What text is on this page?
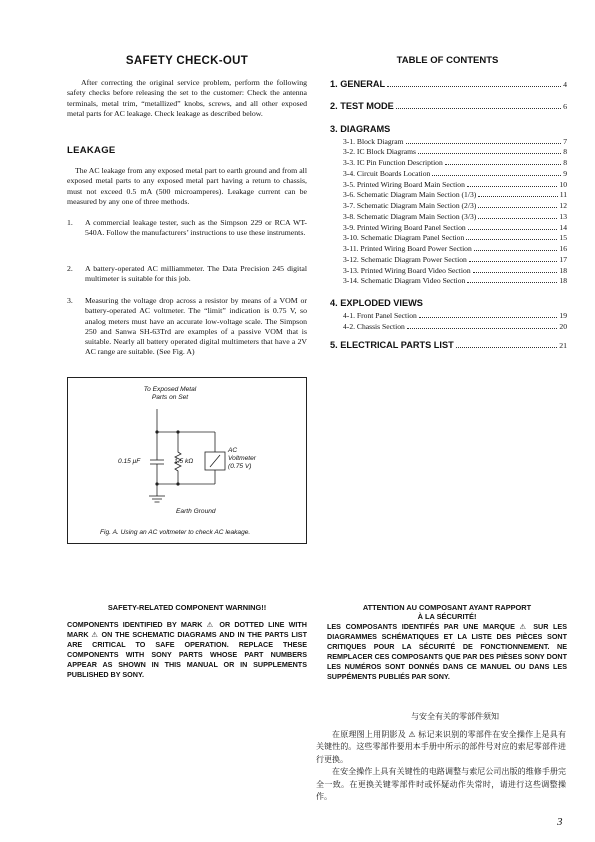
SAFETY CHECK-OUT

After correcting the original service problem, perform the following safety checks before releasing the set to the customer: Check the antenna terminals, metal trim, “metallized” knobs, screws, and all other exposed metal parts for AC leakage. Check leakage as described below.

LEAKAGE

The AC leakage from any exposed metal part to earth ground and from all exposed metal parts to any exposed metal part having a return to chassis, must not exceed 0.5 mA (500 microamperes). Leakage current can be measured by any one of three methods.

1. A commercial leakage tester, such as the Simpson 229 or RCA WT-540A. Follow the manufacturers’ instructions to use these instruments.
2. A battery-operated AC milliammeter. The Data Precision 245 digital multimeter is suitable for this job.
3. Measuring the voltage drop across a resistor by means of a VOM or battery-operated AC voltmeter. The “limit” indication is 0.75 V, so analog meters must have an accurate low-voltage scale. The Simpson 250 and Sanwa SH-63Trd are examples of a passive VOM that is suitable. Nearly all battery operated digital multimeters that have a 2V AC range are suitable. (See Fig. A)
To Exposed Metal
Parts on Set
0.15 μF	1.5 kΩ
AC
Voltmeter
(0.75 V)
Earth Ground
Fig. A. Using an AC voltmeter to check AC leakage.
TABLE OF CONTENTS
1. GENERAL	4
2. TEST MODE	6
3. DIAGRAMS
3-1. Block Diagram	7
3-2. IC Block Diagrams	8
3-3. IC Pin Function Description	8
3-4. Circuit Boards Location	9
3-5. Printed Wiring Board Main Section	10
3-6. Schematic Diagram Main Section (1/3)	11
3-7. Schematic Diagram Main Section (2/3)	12
3-8. Schematic Diagram Main Section (3/3)	13
3-9. Printed Wiring Board Panel Section	14
3-10. Schematic Diagram Panel Section	15
3-11. Printed Wiring Board Power Section	16
3-12. Schematic Diagram Power Section	17
3-13. Printed Wiring Board Video Section	18
3-14. Schematic Diagram Video Section	18
4. EXPLODED VIEWS
4-1. Front Panel Section	19
4-2. Chassis Section	20
5. ELECTRICAL PARTS LIST	21
SAFETY-RELATED COMPONENT WARNING!!

COMPONENTS IDENTIFIED BY MARK ⚠ OR DOTTED LINE WITH MARK ⚠ ON THE SCHEMATIC DIAGRAMS AND IN THE PARTS LIST ARE CRITICAL TO SAFE OPERATION. REPLACE THESE COMPONENTS WITH SONY PARTS WHOSE PART NUMBERS APPEAR AS SHOWN IN THIS MANUAL OR IN SUPPLEMENTS PUBLISHED BY SONY.

ATTENTION AU COMPOSANT AYANT RAPPORT
À LA SÉCURITÉ!

LES COMPOSANTS IDENTIFÉS PAR UNE MARQUE ⚠ SUR LES DIAGRAMMES SCHÉMATIQUES ET LA LISTE DES PIÈCES SONT CRITIQUES POUR LA SÉCURITÉ DE FONCTIONNEMENT. NE REMPLACER CES COMPOSANTS QUE PAR DES PIÈSES SONY DONT LES NUMÉROS SONT DONNÉS DANS CE MANUEL OU DANS LES SUPPÉMENTS PUBLIÉS PAR SONY.

与安全有关的零部件须知

在原理图上用阴影及 ⚠ 标记来识别的零部件在安全操作上是具有关键性的。这些零部件要用本手册中所示的部件号对应的索尼零部件进行更换。

在安全操作上具有关键性的电路调整与索尼公司出版的维修手册完全一致。在更换关键零部件时或怀疑动作失常时，请进行这些调整操作。

3
